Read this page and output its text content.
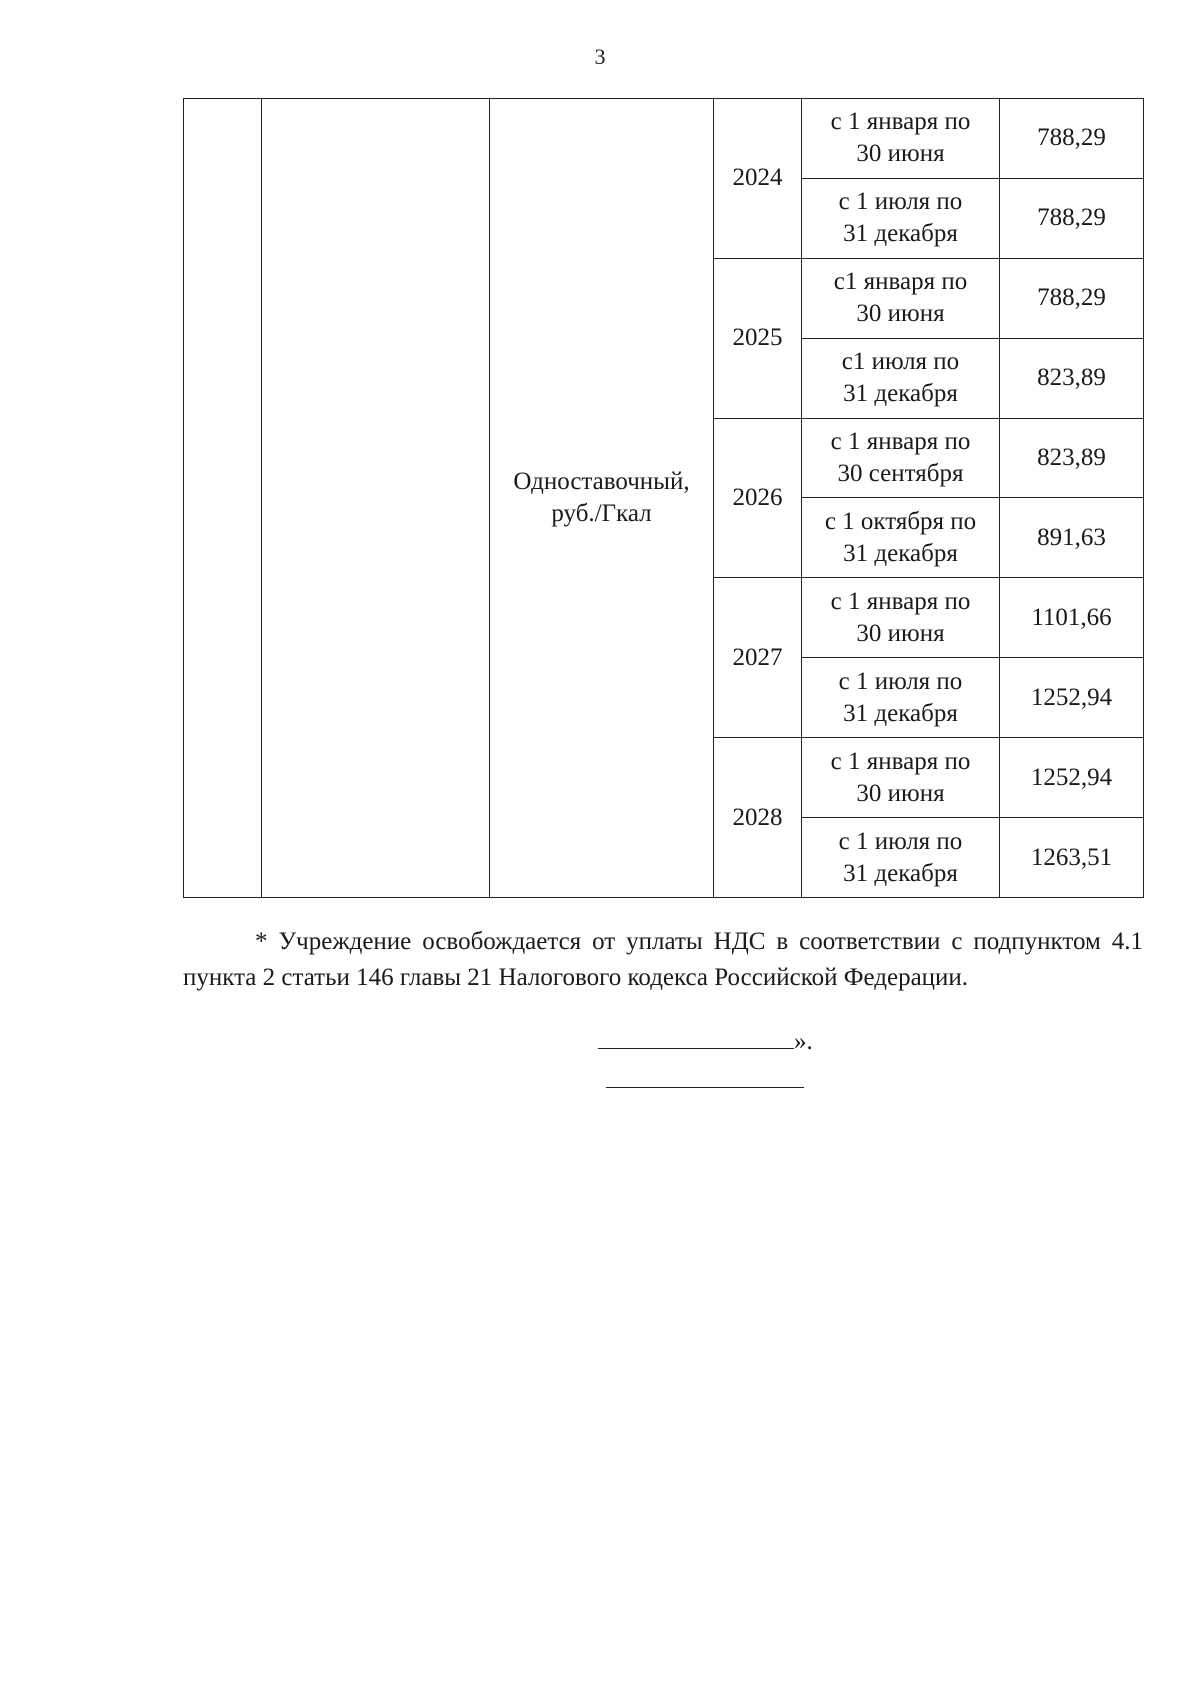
3
		Одноставочный, руб./Гкал	2024	с 1 января по
30 июня	788,29
				с 1 июля по
31 декабря	788,29
			2025	с1 января по
30 июня	788,29
				с1 июля по
31 декабря	823,89
			2026	с 1 января по
30 сентября	823,89
				с 1 октября по
31 декабря	891,63
			2027	с 1 января по
30 июня	1101,66
				с 1 июля по
31 декабря	1252,94
			2028	с 1 января по
30 июня	1252,94
				с 1 июля по
31 декабря	1263,51
* Учреждение освобождается от уплаты НДС в соответствии с подпунктом 4.1 пункта 2 статьи 146 главы 21 Налогового кодекса Российской Федерации.
».
